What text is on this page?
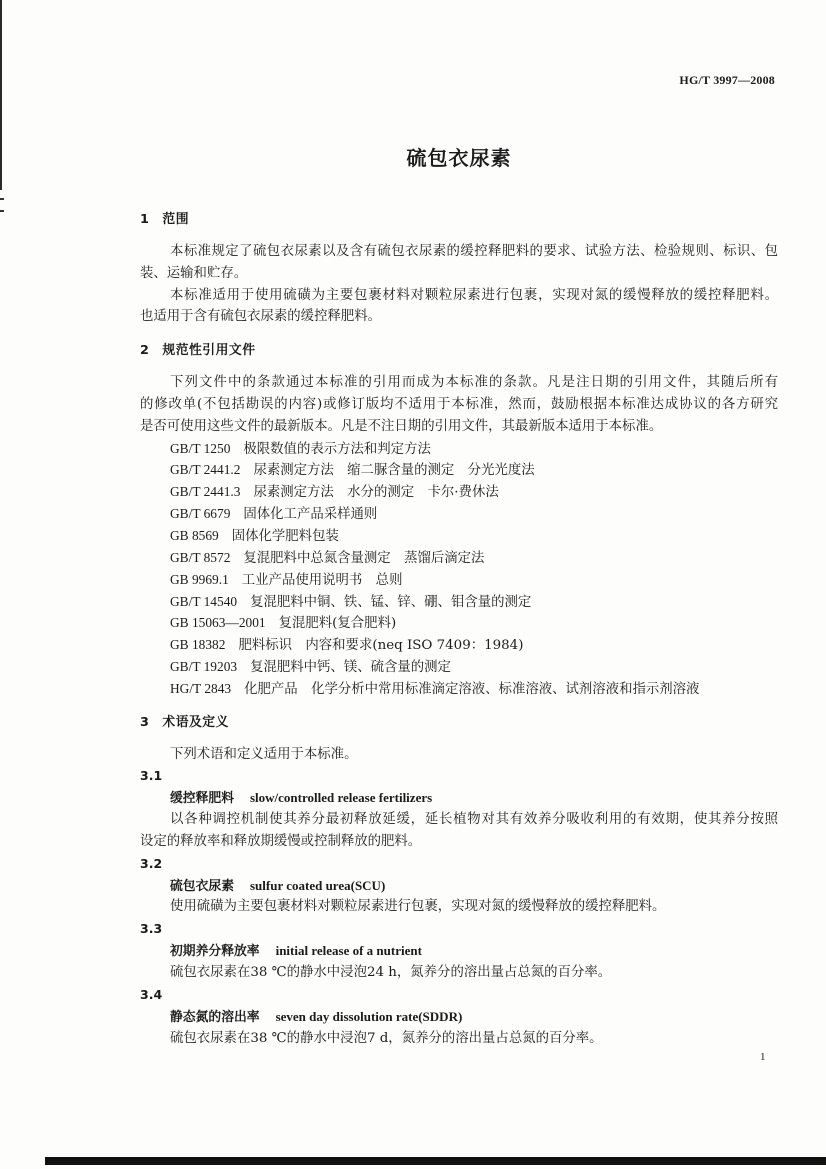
HG/T 3997—2008
硫包衣尿素
1 范围
本标准规定了硫包衣尿素以及含有硫包衣尿素的缓控释肥料的要求、试验方法、检验规则、标识、包
装、运输和贮存。
本标准适用于使用硫磺为主要包裹材料对颗粒尿素进行包裹，实现对氮的缓慢释放的缓控释肥料。
也适用于含有硫包衣尿素的缓控释肥料。
2 规范性引用文件
下列文件中的条款通过本标准的引用而成为本标准的条款。凡是注日期的引用文件，其随后所有
的修改单(不包括勘误的内容)或修订版均不适用于本标准，然而，鼓励根据本标准达成协议的各方研究
是否可使用这些文件的最新版本。凡是不注日期的引用文件，其最新版本适用于本标准。
GB/T 1250 极限数值的表示方法和判定方法
GB/T 2441.2 尿素测定方法　缩二脲含量的测定　分光光度法
GB/T 2441.3 尿素测定方法　水分的测定　卡尔·费休法
GB/T 6679 固体化工产品采样通则
GB 8569 固体化学肥料包装
GB/T 8572 复混肥料中总氮含量测定　蒸馏后滴定法
GB 9969.1 工业产品使用说明书　总则
GB/T 14540 复混肥料中铜、铁、锰、锌、硼、钼含量的测定
GB 15063—2001 复混肥料(复合肥料)
GB 18382 肥料标识　内容和要求(neq ISO 7409：1984)
GB/T 19203 复混肥料中钙、镁、硫含量的测定
HG/T 2843 化肥产品　化学分析中常用标准滴定溶液、标准溶液、试剂溶液和指示剂溶液
3 术语及定义
下列术语和定义适用于本标准。
3.1
缓控释肥料 slow/controlled release fertilizers
以各种调控机制使其养分最初释放延缓，延长植物对其有效养分吸收利用的有效期，使其养分按照
设定的释放率和释放期缓慢或控制释放的肥料。
3.2
硫包衣尿素 sulfur coated urea(SCU)
使用硫磺为主要包裹材料对颗粒尿素进行包裹，实现对氮的缓慢释放的缓控释肥料。
3.3
初期养分释放率 initial release of a nutrient
硫包衣尿素在38 ℃的静水中浸泡24 h，氮养分的溶出量占总氮的百分率。
3.4
静态氮的溶出率 seven day dissolution rate(SDDR)
硫包衣尿素在38 ℃的静水中浸泡7 d，氮养分的溶出量占总氮的百分率。
1
